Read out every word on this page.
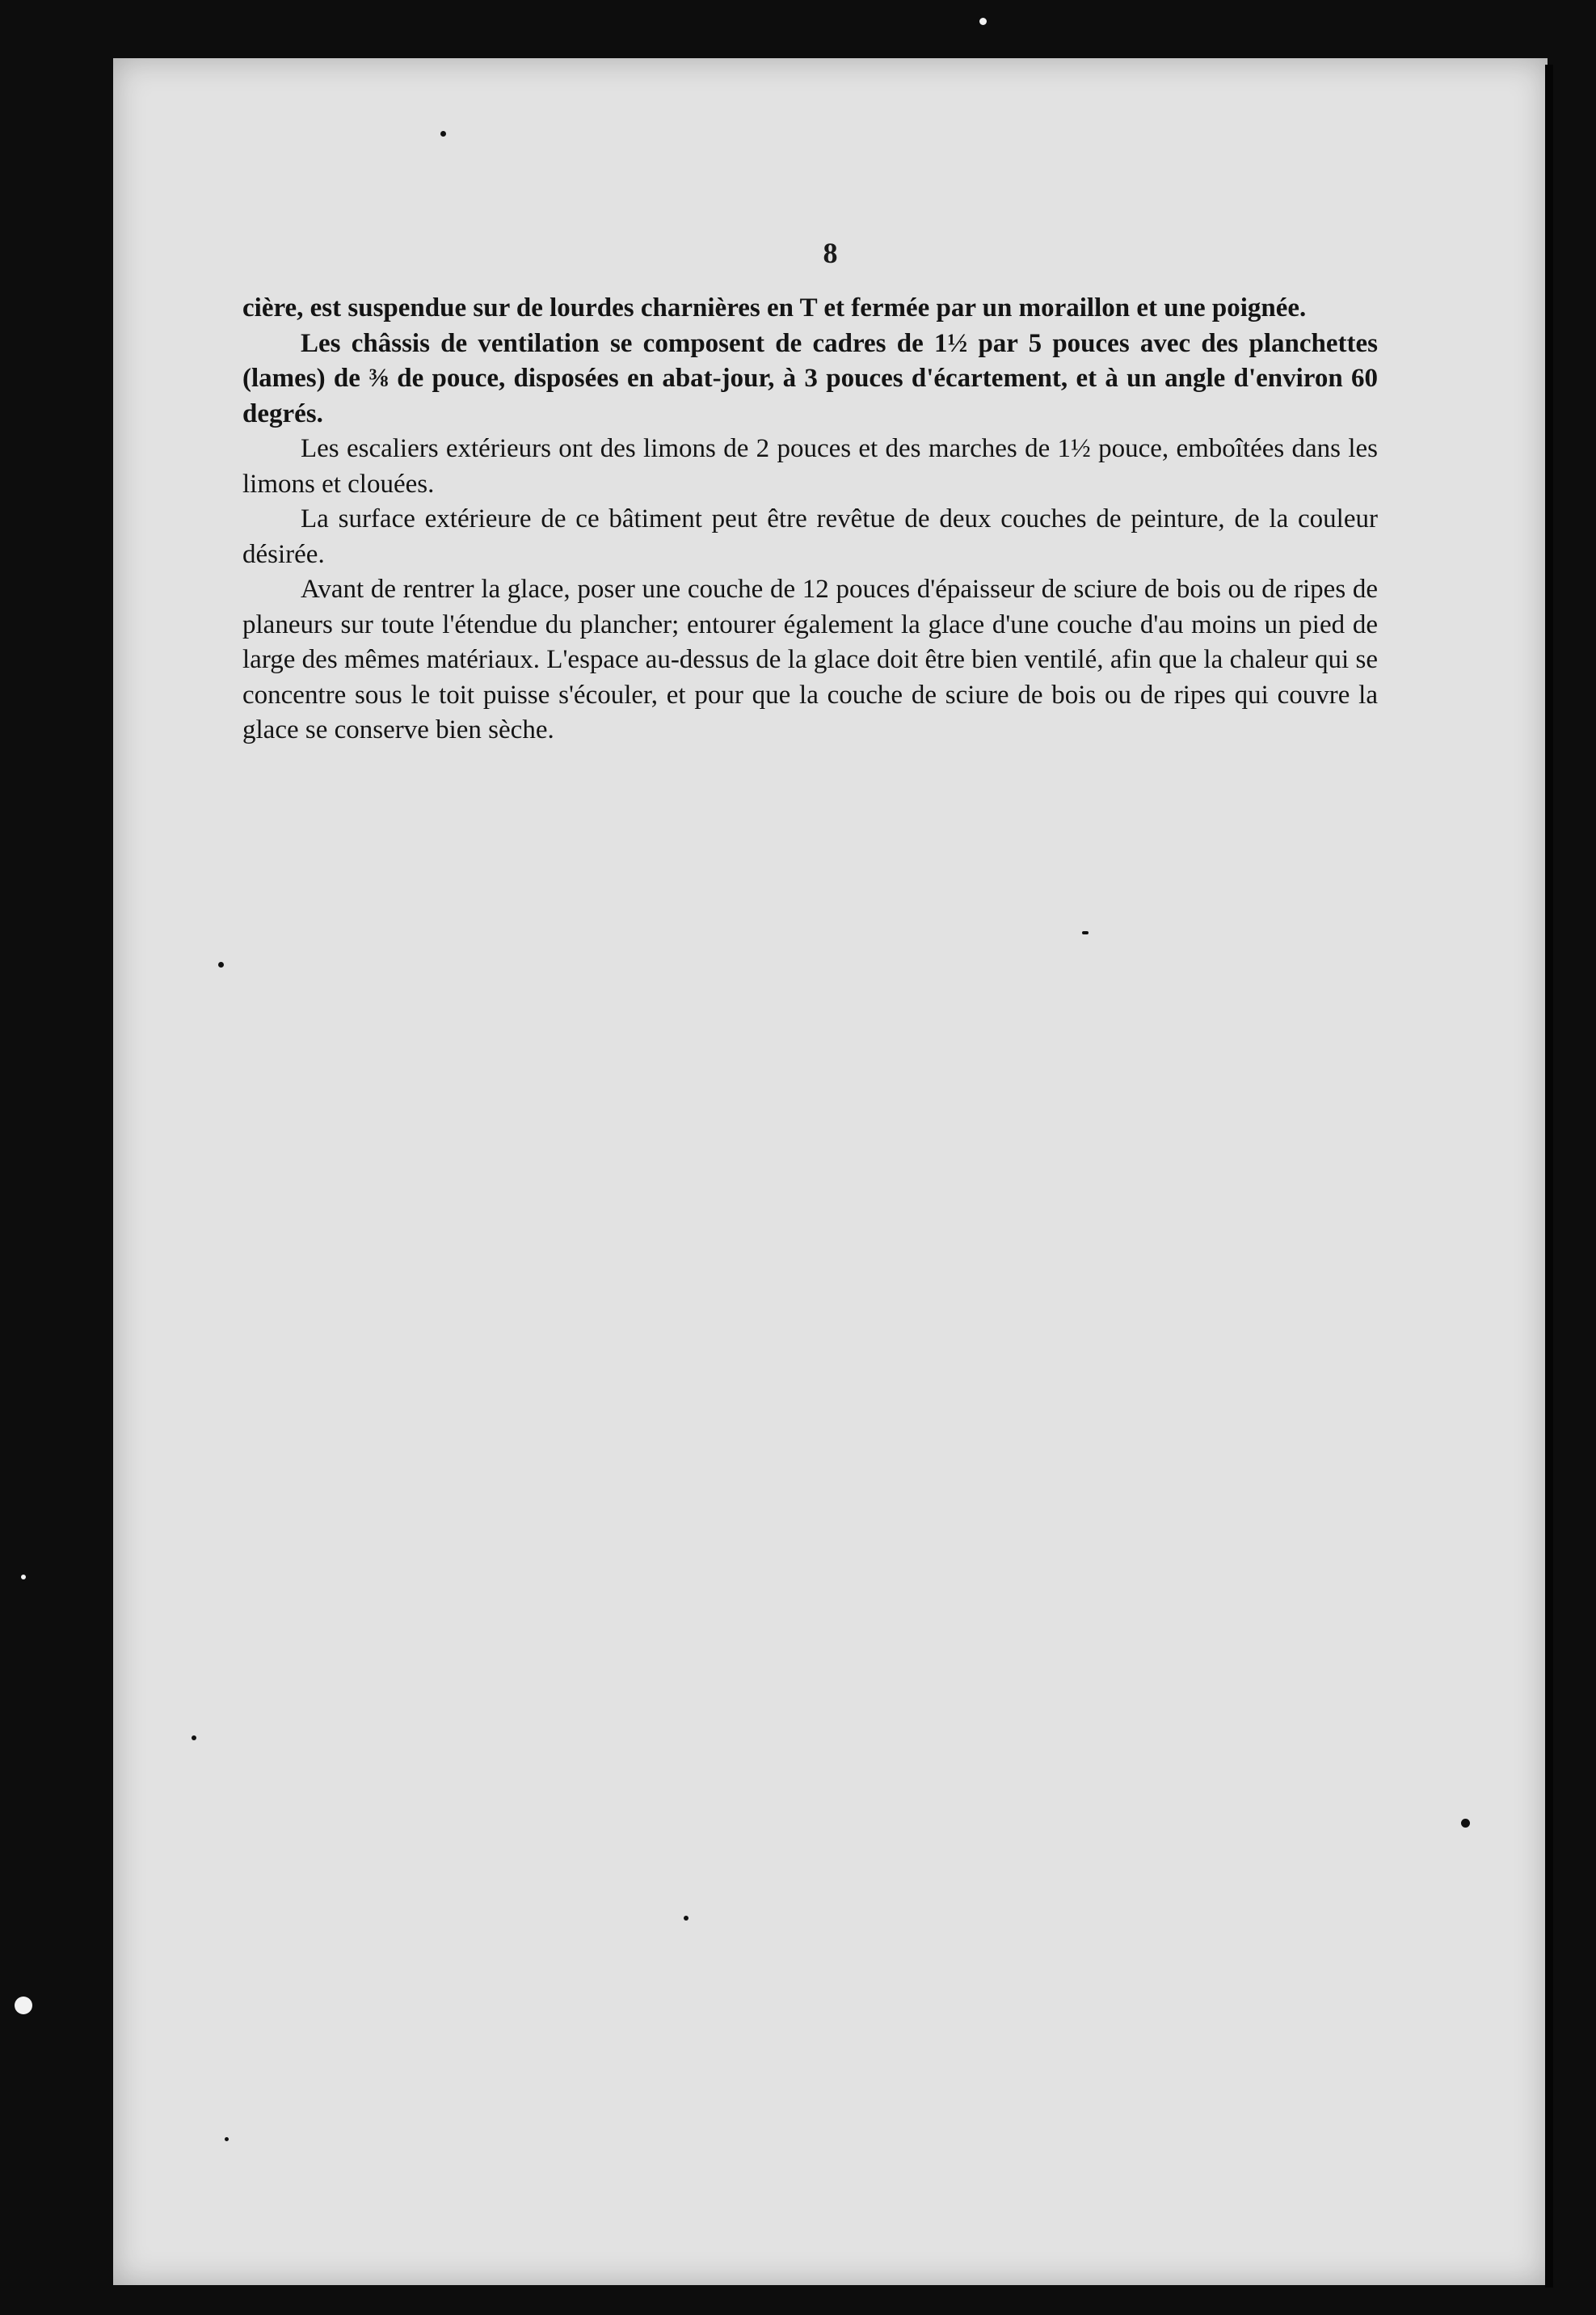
8

cière, est suspendue sur de lourdes charnières en T et fermée par un moraillon et une poignée.

Les châssis de ventilation se composent de cadres de 1½ par 5 pouces avec des planchettes (lames) de ⅜ de pouce, disposées en abat-jour, à 3 pouces d'écartement, et à un angle d'environ 60 degrés.

Les escaliers extérieurs ont des limons de 2 pouces et des marches de 1½ pouce, emboîtées dans les limons et clouées.

La surface extérieure de ce bâtiment peut être revêtue de deux couches de peinture, de la couleur désirée.

Avant de rentrer la glace, poser une couche de 12 pouces d'épaisseur de sciure de bois ou de ripes de planeurs sur toute l'étendue du plancher; entourer également la glace d'une couche d'au moins un pied de large des mêmes matériaux. L'espace au-dessus de la glace doit être bien ventilé, afin que la chaleur qui se concentre sous le toit puisse s'écouler, et pour que la couche de sciure de bois ou de ripes qui couvre la glace se conserve bien sèche.
